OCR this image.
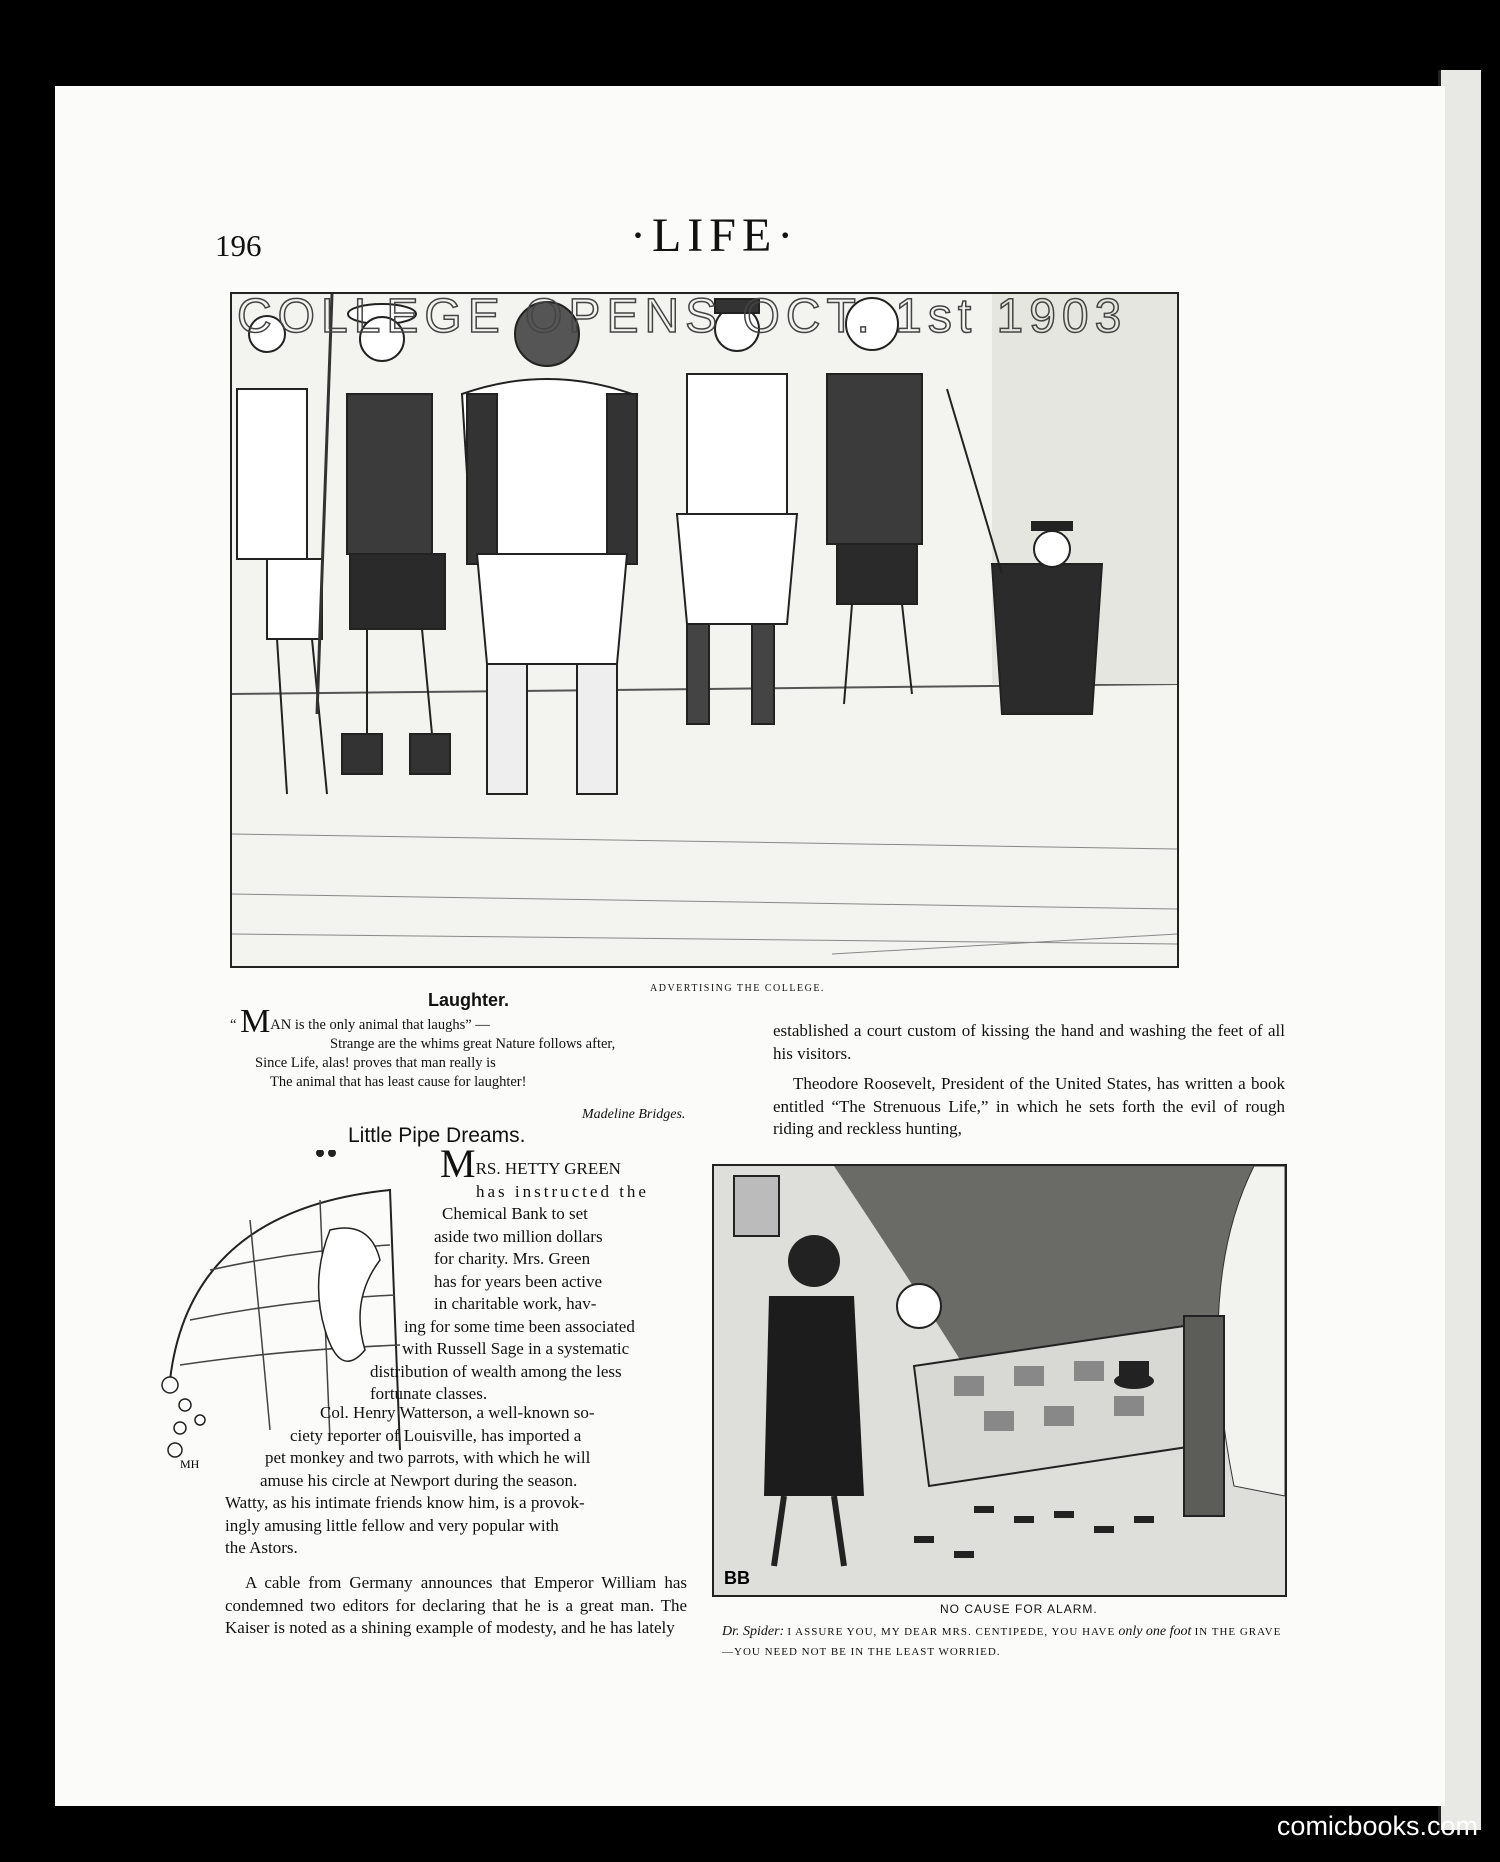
196	·LIFE·
COLLEGE OPENS OCT. 1st 1903
ADVERTISING THE COLLEGE.
Laughter.
“ MAN is the only animal that laughs” —
Strange are the whims great Nature follows after,
Since Life, alas! proves that man really is
The animal that has least cause for laughter!
Madeline Bridges.
Little Pipe Dreams.
MH
MRS. HETTY GREEN
has instructed the
Chemical Bank to set
aside two million dollars
for charity. Mrs. Green
has for years been active
in charitable work, hav-
ing for some time been associated
with Russell Sage in a systematic
distribution of wealth among the less
fortunate classes.
Col. Henry Watterson, a well-known so-
ciety reporter of Louisville, has imported a
pet monkey and two parrots, with which he will
amuse his circle at Newport during the season.
Watty, as his intimate friends know him, is a provok-
ingly amusing little fellow and very popular with
the Astors.
A cable from Germany announces that Emperor William has condemned two editors for declaring that he is a great man. The Kaiser is noted as a shining example of modesty, and he has lately

established a court custom of kissing the hand and washing the feet of all his visitors.

Theodore Roosevelt, President of the United States, has written a book entitled “The Strenuous Life,” in which he sets forth the evil of rough riding and reckless hunting,

BB
NO CAUSE FOR ALARM.
Dr. Spider: I ASSURE YOU, MY DEAR MRS. CENTIPEDE, YOU HAVE only one foot IN THE GRAVE—YOU NEED NOT BE IN THE LEAST WORRIED.
comicbooks.com
